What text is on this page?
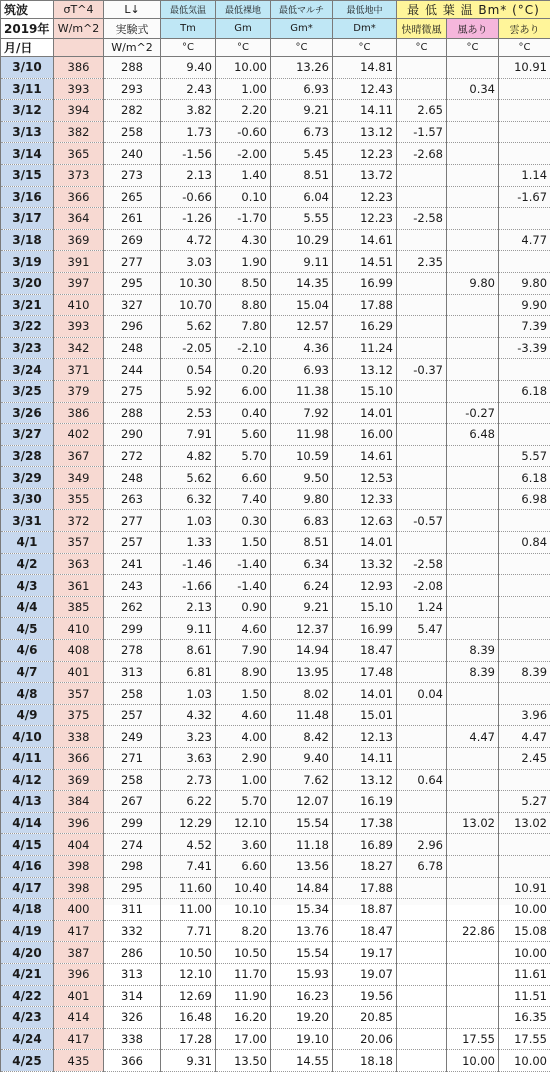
筑波	σT^4	L↓	最低気温	最低裸地	最低マルチ	最低地中	最 低 葉 温 Bm* (°C)		
2019年	W/m^2	実験式	Tm	Gm	Gm*	Dm*	快晴微風	風あり	雲あり
月/日		W/m^2	°C	°C	°C	°C	°C	°C	°C
3/10	386	288	9.40	10.00	13.26	14.81			10.91
3/11	393	293	2.43	1.00	6.93	12.43		0.34	
3/12	394	282	3.82	2.20	9.21	14.11	2.65		
3/13	382	258	1.73	-0.60	6.73	13.12	-1.57		
3/14	365	240	-1.56	-2.00	5.45	12.23	-2.68		
3/15	373	273	2.13	1.40	8.51	13.72			1.14
3/16	366	265	-0.66	0.10	6.04	12.23			-1.67
3/17	364	261	-1.26	-1.70	5.55	12.23	-2.58		
3/18	369	269	4.72	4.30	10.29	14.61			4.77
3/19	391	277	3.03	1.90	9.11	14.51	2.35		
3/20	397	295	10.30	8.50	14.35	16.99		9.80	9.80
3/21	410	327	10.70	8.80	15.04	17.88			9.90
3/22	393	296	5.62	7.80	12.57	16.29			7.39
3/23	342	248	-2.05	-2.10	4.36	11.24			-3.39
3/24	371	244	0.54	0.20	6.93	13.12	-0.37		
3/25	379	275	5.92	6.00	11.38	15.10			6.18
3/26	386	288	2.53	0.40	7.92	14.01		-0.27	
3/27	402	290	7.91	5.60	11.98	16.00		6.48	
3/28	367	272	4.82	5.70	10.59	14.61			5.57
3/29	349	248	5.62	6.60	9.50	12.53			6.18
3/30	355	263	6.32	7.40	9.80	12.33			6.98
3/31	372	277	1.03	0.30	6.83	12.63	-0.57		
4/1	357	257	1.33	1.50	8.51	14.01			0.84
4/2	363	241	-1.46	-1.40	6.34	13.32	-2.58		
4/3	361	243	-1.66	-1.40	6.24	12.93	-2.08		
4/4	385	262	2.13	0.90	9.21	15.10	1.24		
4/5	410	299	9.11	4.60	12.37	16.99	5.47		
4/6	408	278	8.61	7.90	14.94	18.47		8.39	
4/7	401	313	6.81	8.90	13.95	17.48		8.39	8.39
4/8	357	258	1.03	1.50	8.02	14.01	0.04		
4/9	375	257	4.32	4.60	11.48	15.01			3.96
4/10	338	249	3.23	4.00	8.42	12.13		4.47	4.47
4/11	366	271	3.63	2.90	9.40	14.11			2.45
4/12	369	258	2.73	1.00	7.62	13.12	0.64		
4/13	384	267	6.22	5.70	12.07	16.19			5.27
4/14	396	299	12.29	12.10	15.54	17.38		13.02	13.02
4/15	404	274	4.52	3.60	11.18	16.89	2.96		
4/16	398	298	7.41	6.60	13.56	18.27	6.78		
4/17	398	295	11.60	10.40	14.84	17.88			10.91
4/18	400	311	11.00	10.10	15.34	18.87			10.00
4/19	417	332	7.71	8.20	13.76	18.47		22.86	15.08
4/20	387	286	10.50	10.50	15.54	19.17			10.00
4/21	396	313	12.10	11.70	15.93	19.07			11.61
4/22	401	314	12.69	11.90	16.23	19.56			11.51
4/23	414	326	16.48	16.20	19.20	20.85			16.35
4/24	417	338	17.28	17.00	19.10	20.06		17.55	17.55
4/25	435	366	9.31	13.50	14.55	18.18		10.00	10.00
